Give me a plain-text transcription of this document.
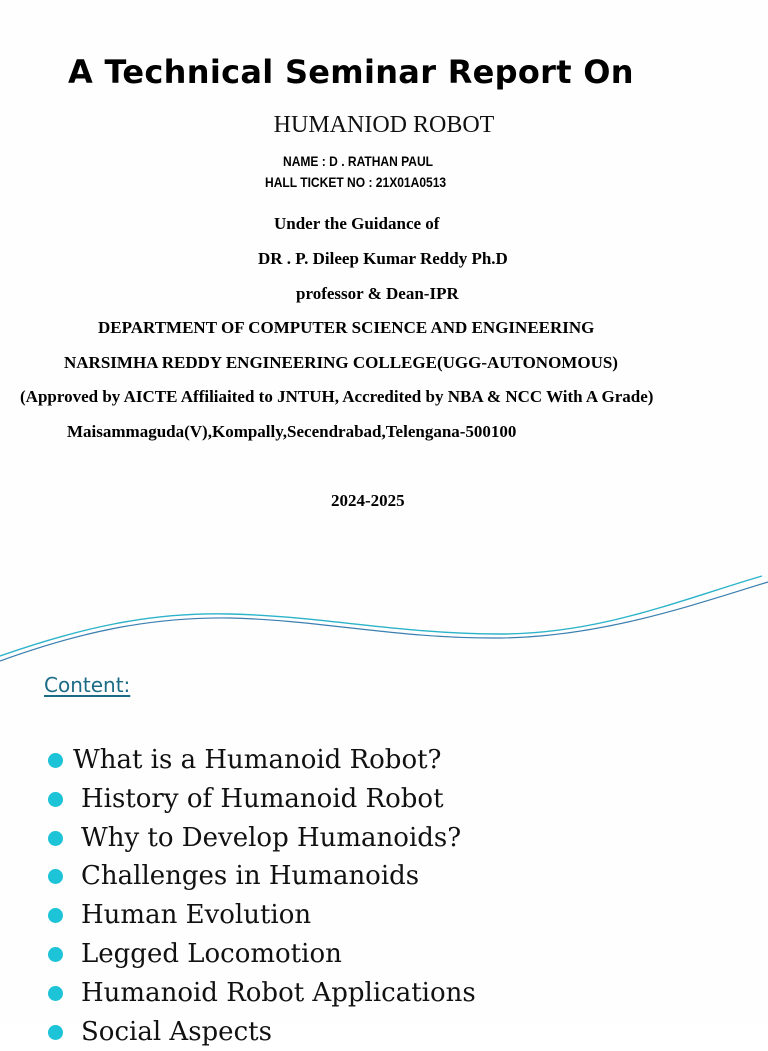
A Technical Seminar Report On
HUMANIOD ROBOT
NAME : D . RATHAN PAUL
HALL TICKET NO : 21X01A0513
Under the Guidance of
DR . P. Dileep Kumar Reddy Ph.D
professor & Dean-IPR
DEPARTMENT OF COMPUTER SCIENCE AND ENGINEERING
NARSIMHA REDDY ENGINEERING COLLEGE(UGG-AUTONOMOUS)
(Approved by AICTE Affiliaited to JNTUH, Accredited by NBA & NCC With A Grade)
Maisammaguda(V),Kompally,Secendrabad,Telengana-500100
2024-2025
Content:
What is a Humanoid Robot?
History of Humanoid Robot
Why to Develop Humanoids?
Challenges in Humanoids
Human Evolution
Legged Locomotion
Humanoid Robot Applications
Social Aspects
